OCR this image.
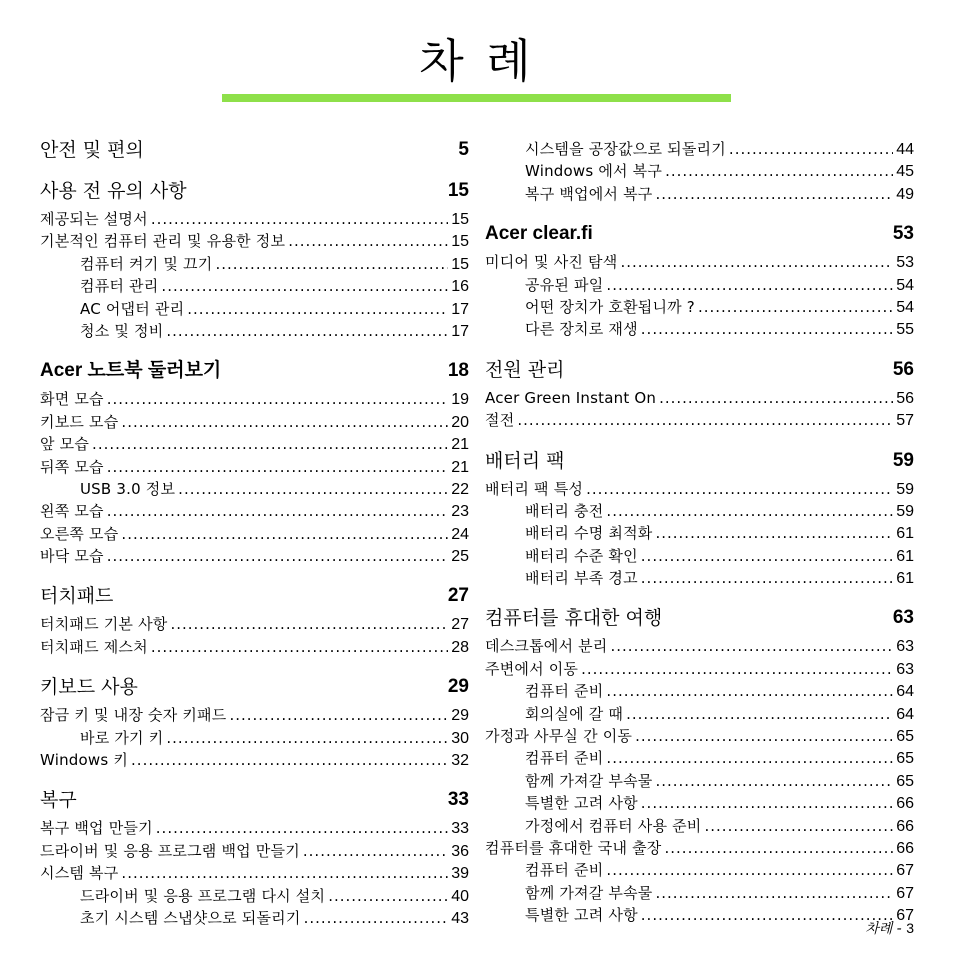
차 례
안전 및 편의	5
사용 전 유의 사항	15
제공되는 설명서 .....	15
기본적인 컴퓨터 관리 및 유용한 정보 .....	15
컴퓨터 켜기 및 끄기 .....	15
컴퓨터 관리 .....	16
AC 어댑터 관리 .....	17
청소 및 정비 .....	17
Acer 노트북 둘러보기	18
화면 모습 .....	19
키보드 모습 .....	20
앞 모습 .....	21
뒤쪽 모습 .....	21
USB 3.0 정보 .....	22
왼쪽 모습 .....	23
오른쪽 모습 .....	24
바닥 모습 .....	25
터치패드	27
터치패드 기본 사항 .....	27
터치패드 제스처 .....	28
키보드 사용	29
잠금 키 및 내장 숫자 키패드 .....	29
바로 가기 키 .....	30
Windows 키 .....	32
복구	33
복구 백업 만들기 .....	33
드라이버 및 응용 프로그램 백업 만들기 .....	36
시스템 복구 .....	39
드라이버 및 응용 프로그램 다시 설치 .....	40
초기 시스템 스냅샷으로 되돌리기 .....	43
시스템을 공장값으로 되돌리기 .....	44
Windows 에서 복구 .....	45
복구 백업에서 복구 .....	49
Acer clear.fi	53
미디어 및 사진 탐색 .....	53
공유된 파일 .....	54
어떤 장치가 호환됩니까 ? .....	54
다른 장치로 재생 .....	55
전원 관리	56
Acer Green Instant On .....	56
절전 .....	57
배터리 팩	59
배터리 팩 특성 .....	59
배터리 충전 .....	59
배터리 수명 최적화 .....	61
배터리 수준 확인 .....	61
배터리 부족 경고 .....	61
컴퓨터를 휴대한 여행	63
데스크톱에서 분리 .....	63
주변에서 이동 .....	63
컴퓨터 준비 .....	64
회의실에 갈 때 .....	64
가정과 사무실 간 이동 .....	65
컴퓨터 준비 .....	65
함께 가져갈 부속물 .....	65
특별한 고려 사항 .....	66
가정에서 컴퓨터 사용 준비 .....	66
컴퓨터를 휴대한 국내 출장 .....	66
컴퓨터 준비 .....	67
함께 가져갈 부속물 .....	67
특별한 고려 사항 .....	67
차례 - 3
